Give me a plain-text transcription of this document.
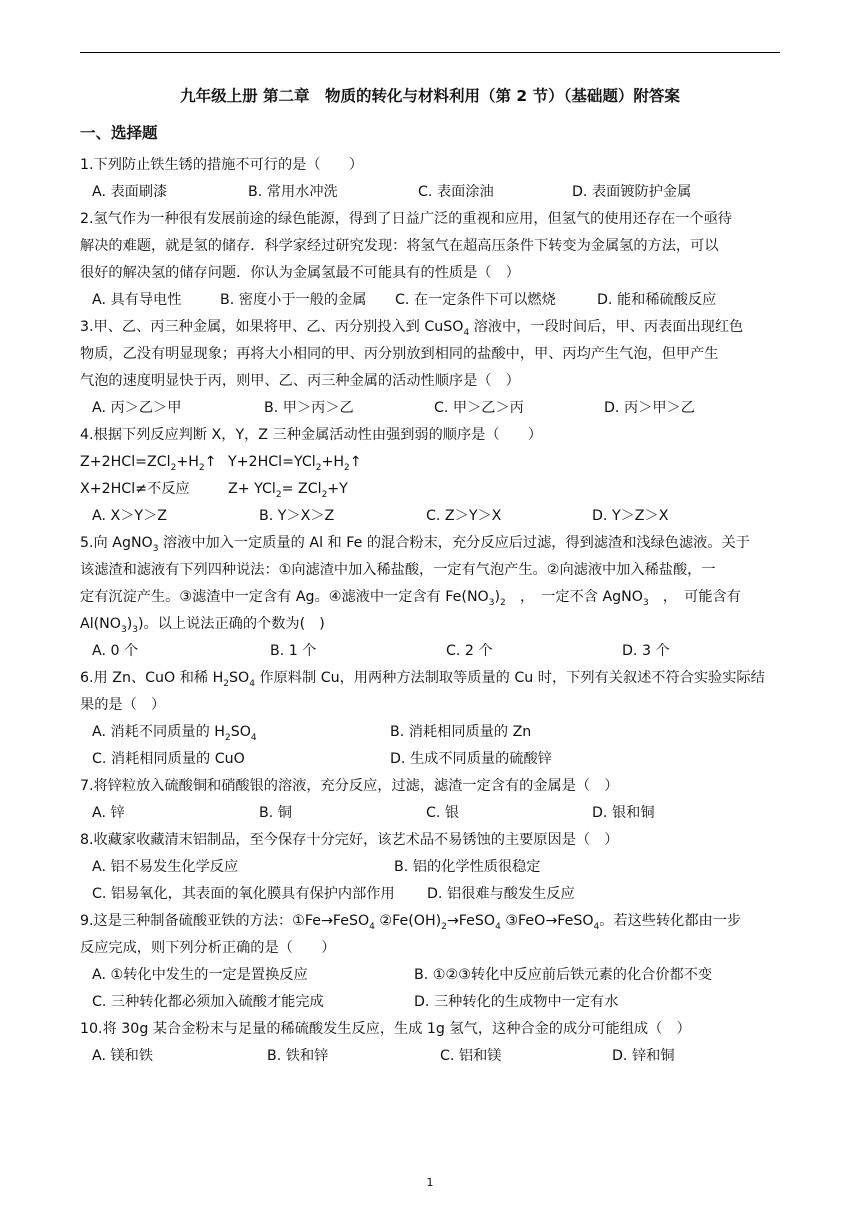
九年级上册 第二章　物质的转化与材料利用（第 2 节）（基础题）附答案
一、选择题
1.下列防止铁生锈的措施不可行的是（　　）
A. 表面刷漆	B. 常用水冲洗	C. 表面涂油	D. 表面镀防护金属
2.氢气作为一种很有发展前途的绿色能源，得到了日益广泛的重视和应用，但氢气的使用还存在一个亟待
解决的难题，就是氢的储存．科学家经过研究发现：将氢气在超高压条件下转变为金属氢的方法，可以
很好的解决氢的储存问题．你认为金属氢最不可能具有的性质是（　）
A. 具有导电性	B. 密度小于一般的金属	C. 在一定条件下可以燃烧	D. 能和稀硫酸反应
3.甲、乙、丙三种金属，如果将甲、乙、丙分别投入到 CuSO$_4$ 溶液中，一段时间后，甲、丙表面出现红色
物质，乙没有明显现象；再将大小相同的甲、丙分别放到相同的盐酸中，甲、丙均产生气泡，但甲产生
气泡的速度明显快于丙，则甲、乙、丙三种金属的活动性顺序是（　）
A. 丙＞乙＞甲	B. 甲＞丙＞乙	C. 甲＞乙＞丙	D. 丙＞甲＞乙
4.根据下列反应判断 X，Y，Z 三种金属活动性由强到弱的顺序是（　　）
$Z+2HCl=ZCl_2+H_2↑$ $Y+2HCl=YCl_2+H_2↑$
X+2HCl≠不反应	Z+ YCl$_2$= ZCl$_2$+Y
A. X＞Y＞Z	B. Y＞X＞Z	C. Z＞Y＞X	D. Y＞Z＞X
5.向 AgNO$_3$ 溶液中加入一定质量的 Al 和 Fe 的混合粉末，充分反应后过滤，得到滤渣和浅绿色滤液。关于
该滤渣和滤液有下列四种说法：①向滤渣中加入稀盐酸，一定有气泡产生。②向滤液中加入稀盐酸，一
定有沉淀产生。③滤渣中一定含有 Ag。④滤液中一定含有 $Fe(NO_3)_2$　，　一定不含 AgNO$_3$　，　可能含有
$Al(NO_3)_3$)。以上说法正确的个数为(　)
A. 0 个	B. 1 个	C. 2 个	D. 3 个
6.用 Zn、CuO 和稀 $H_2SO_4$ 作原料制 Cu，用两种方法制取等质量的 Cu 时，下列有关叙述不符合实验实际结
果的是（　）
A. 消耗不同质量的 $H_2SO_4$	B. 消耗相同质量的 Zn
C. 消耗相同质量的 CuO	D. 生成不同质量的硫酸锌
7.将锌粒放入硫酸铜和硝酸银的溶液，充分反应，过滤，滤渣一定含有的金属是（　）
A. 锌	B. 铜	C. 银	D. 银和铜
8.收藏家收藏清末铝制品，至今保存十分完好，该艺术品不易锈蚀的主要原因是（　）
A. 铝不易发生化学反应	B. 铝的化学性质很稳定
C. 铝易氧化，其表面的氧化膜具有保护内部作用	D. 铝很难与酸发生反应
9.这是三种制备硫酸亚铁的方法：①Fe→FeSO$_4$ $②Fe(OH)_2\to FeSO_4$ ③FeO→FeSO$_4$。若这些转化都由一步
反应完成，则下列分析正确的是（　　）
A. ①转化中发生的一定是置换反应	B. ①②③转化中反应前后铁元素的化合价都不变
C. 三种转化都必须加入硫酸才能完成	D. 三种转化的生成物中一定有水
10.将 30g 某合金粉末与足量的稀硫酸发生反应，生成 1g 氢气，这种合金的成分可能组成（　）
A. 镁和铁	B. 铁和锌	C. 铝和镁	D. 锌和铜
1
